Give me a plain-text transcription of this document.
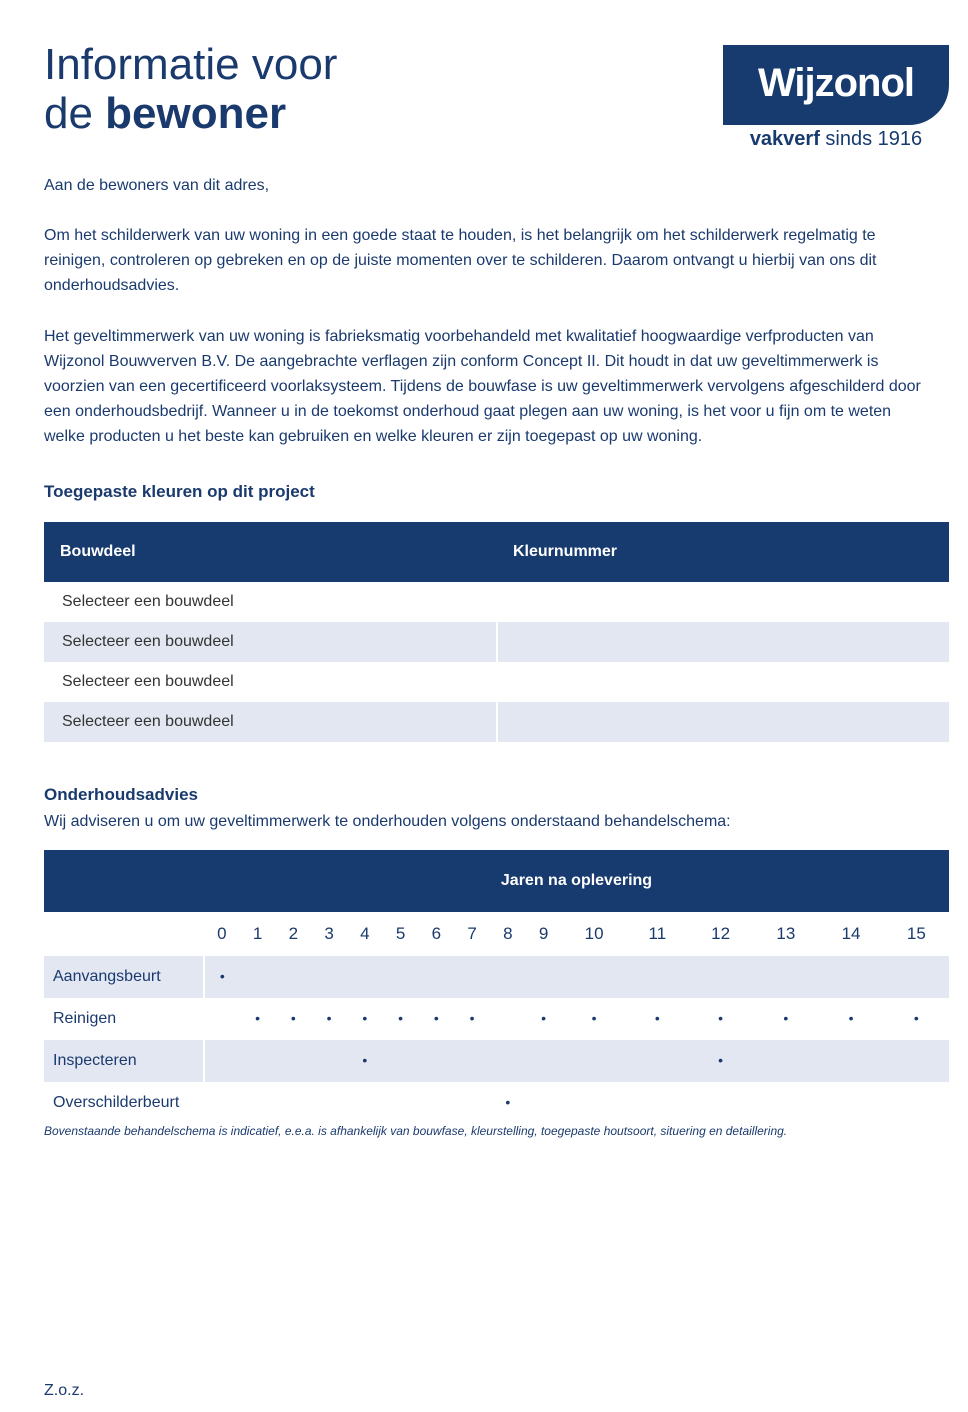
Informatie voor
de bewoner
Wijzonol
vakverf sinds 1916

Aan de bewoners van dit adres,

Om het schilderwerk van uw woning in een goede staat te houden, is het belangrijk om het schilderwerk regelmatig te reinigen, controleren op gebreken en op de juiste momenten over te schilderen. Daarom ontvangt u hierbij van ons dit onderhoudsadvies.

Het geveltimmerwerk van uw woning is fabrieksmatig voorbehandeld met kwalitatief hoogwaardige verfproducten van Wijzonol Bouwverven B.V. De aangebrachte verflagen zijn conform Concept II. Dit houdt in dat uw geveltimmerwerk is voorzien van een gecertificeerd voorlaksysteem. Tijdens de bouwfase is uw geveltimmerwerk vervolgens afgeschilderd door een onderhoudsbedrijf. Wanneer u in de toekomst onderhoud gaat plegen aan uw woning, is het voor u fijn om te weten welke producten u het beste kan gebruiken en welke kleuren er zijn toegepast op uw woning.

Toegepaste kleuren op dit project
Bouwdeel	Kleurnummer
Selecteer een bouwdeel	
Selecteer een bouwdeel	
Selecteer een bouwdeel	
Selecteer een bouwdeel	
Onderhoudsadvies

Wij adviseren u om uw geveltimmerwerk te onderhouden volgens onderstaand behandelschema:

	Jaren na oplevering															
	0	1	2	3	4	5	6	7	8	9	10	11	12	13	14	15
Aanvangsbeurt	•															
Reinigen		•	•	•	•	•	•	•		•	•	•	•	•	•	•
Inspecteren					•								•			
Overschilderbeurt									•							

Bovenstaande behandelschema is indicatief, e.e.a. is afhankelijk van bouwfase, kleurstelling, toegepaste houtsoort, situering en detaillering.

Z.o.z.
